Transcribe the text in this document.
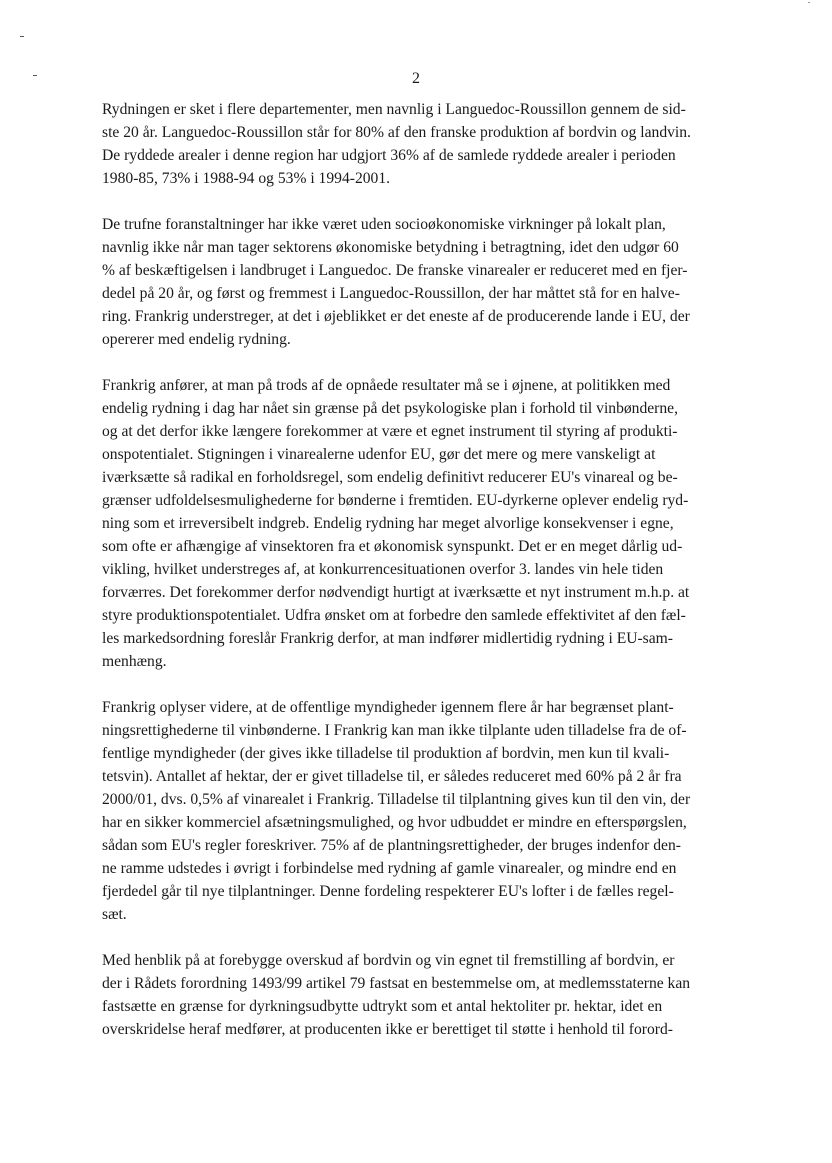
2

Rydningen er sket i flere departementer, men navnlig i Languedoc-Roussillon gennem de sid-
ste 20 år. Languedoc-Roussillon står for 80% af den franske produktion af bordvin og landvin.
De ryddede arealer i denne region har udgjort 36% af de samlede ryddede arealer i perioden
1980-85, 73% i 1988-94 og 53% i 1994-2001.

De trufne foranstaltninger har ikke været uden socioøkonomiske virkninger på lokalt plan,
navnlig ikke når man tager sektorens økonomiske betydning i betragtning, idet den udgør 60
% af beskæftigelsen i landbruget i Languedoc. De franske vinarealer er reduceret med en fjer-
dedel på 20 år, og først og fremmest i Languedoc-Roussillon, der har måttet stå for en halve-
ring. Frankrig understreger, at det i øjeblikket er det eneste af de producerende lande i EU, der
opererer med endelig rydning.

Frankrig anfører, at man på trods af de opnåede resultater må se i øjnene, at politikken med
endelig rydning i dag har nået sin grænse på det psykologiske plan i forhold til vinbønderne,
og at det derfor ikke længere forekommer at være et egnet instrument til styring af produkti-
onspotentialet. Stigningen i vinarealerne udenfor EU, gør det mere og mere vanskeligt at
iværksætte så radikal en forholdsregel, som endelig definitivt reducerer EU's vinareal og be-
grænser udfoldelsesmulighederne for bønderne i fremtiden. EU-dyrkerne oplever endelig ryd-
ning som et irreversibelt indgreb. Endelig rydning har meget alvorlige konsekvenser i egne,
som ofte er afhængige af vinsektoren fra et økonomisk synspunkt. Det er en meget dårlig ud-
vikling, hvilket understreges af, at konkurrencesituationen overfor 3. landes vin hele tiden
forværres. Det forekommer derfor nødvendigt hurtigt at iværksætte et nyt instrument m.h.p. at
styre produktionspotentialet. Udfra ønsket om at forbedre den samlede effektivitet af den fæl-
les markedsordning foreslår Frankrig derfor, at man indfører midlertidig rydning i EU-sam-
menhæng.

Frankrig oplyser videre, at de offentlige myndigheder igennem flere år har begrænset plant-
ningsrettighederne til vinbønderne. I Frankrig kan man ikke tilplante uden tilladelse fra de of-
fentlige myndigheder (der gives ikke tilladelse til produktion af bordvin, men kun til kvali-
tetsvin). Antallet af hektar, der er givet tilladelse til, er således reduceret med 60% på 2 år fra
2000/01, dvs. 0,5% af vinarealet i Frankrig. Tilladelse til tilplantning gives kun til den vin, der
har en sikker kommerciel afsætningsmulighed, og hvor udbuddet er mindre en efterspørgslen,
sådan som EU's regler foreskriver. 75% af de plantningsrettigheder, der bruges indenfor den-
ne ramme udstedes i øvrigt i forbindelse med rydning af gamle vinarealer, og mindre end en
fjerdedel går til nye tilplantninger. Denne fordeling respekterer EU's lofter i de fælles regel-
sæt.

Med henblik på at forebygge overskud af bordvin og vin egnet til fremstilling af bordvin, er
der i Rådets forordning 1493/99 artikel 79 fastsat en bestemmelse om, at medlemsstaterne kan
fastsætte en grænse for dyrkningsudbytte udtrykt som et antal hektoliter pr. hektar, idet en
overskridelse heraf medfører, at producenten ikke er berettiget til støtte i henhold til forord-
